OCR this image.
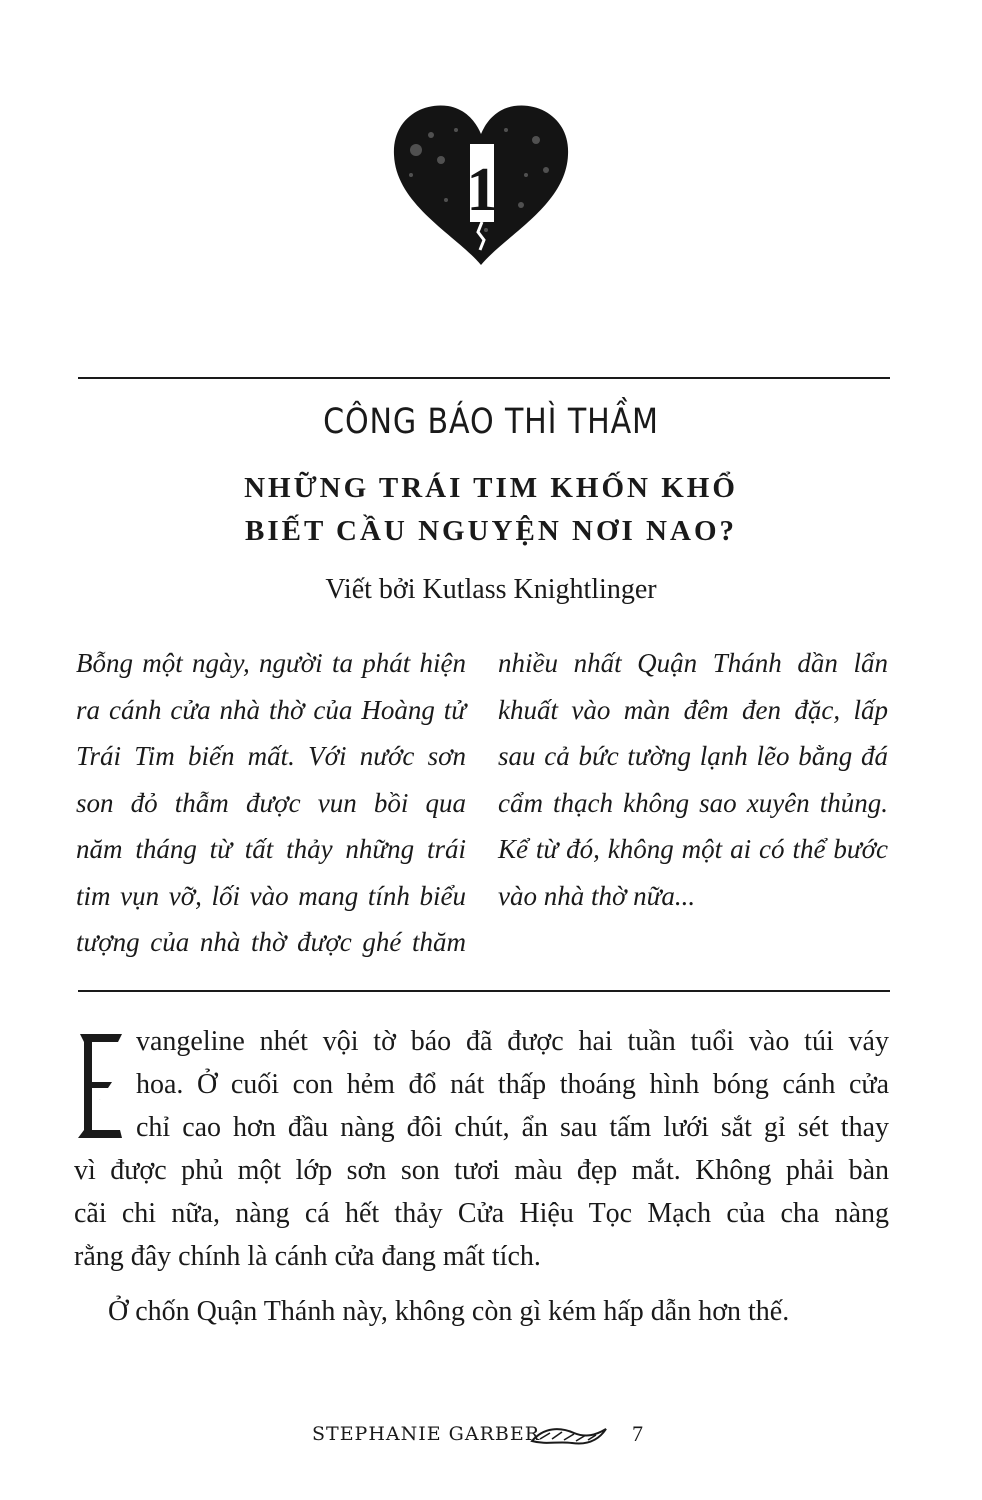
1
CÔNG BÁO THÌ THẦM
NHỮNG TRÁI TIM KHỐN KHỔ
BIẾT CẦU NGUYỆN NƠI NAO?
Viết bởi Kutlass Knightlinger
Bỗng một ngày, người ta phát hiện
ra cánh cửa nhà thờ của Hoàng tử
Trái Tim biến mất. Với nước sơn
son đỏ thẫm được vun bồi qua
năm tháng từ tất thảy những trái
tim vụn vỡ, lối vào mang tính biểu
tượng của nhà thờ được ghé thăm
nhiều nhất Quận Thánh dần lẩn
khuất vào màn đêm đen đặc, lấp
sau cả bức tường lạnh lẽo bằng đá
cẩm thạch không sao xuyên thủng.
Kể từ đó, không một ai có thể bước
vào nhà thờ nữa...
E
vangeline nhét vội tờ báo đã được hai tuần tuổi vào túi váy
hoa. Ở cuối con hẻm đổ nát thấp thoáng hình bóng cánh cửa
chỉ cao hơn đầu nàng đôi chút, ẩn sau tấm lưới sắt gỉ sét thay
vì được phủ một lớp sơn son tươi màu đẹp mắt. Không phải bàn
cãi chi nữa, nàng cá hết thảy Cửa Hiệu Tọc Mạch của cha nàng
rằng đây chính là cánh cửa đang mất tích.
Ở chốn Quận Thánh này, không còn gì kém hấp dẫn hơn thế.
STEPHANIE GARBER	7
